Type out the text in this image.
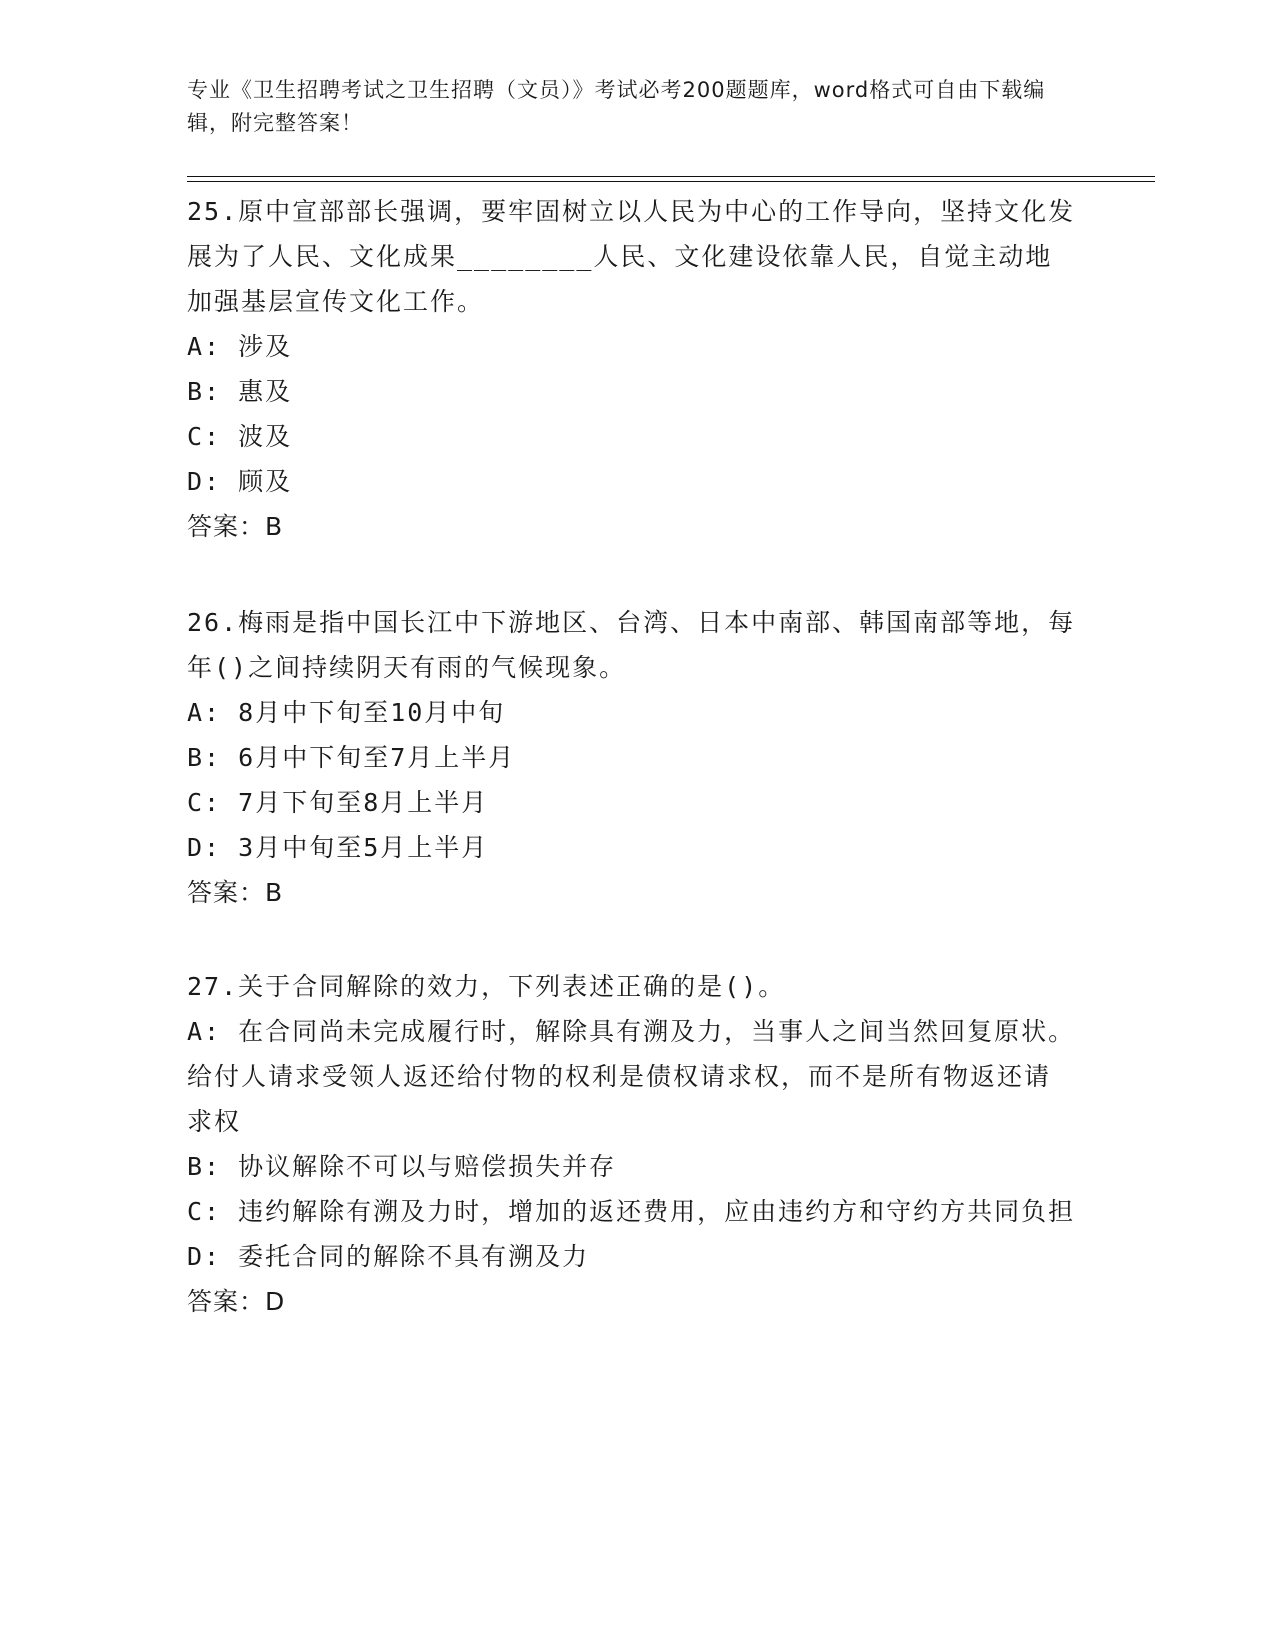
专业《卫生招聘考试之卫生招聘（文员）》考试必考200题题库，word格式可自由下载编辑，附完整答案！

25.原中宣部部长强调，要牢固树立以人民为中心的工作导向，坚持文化发展为了人民、文化成果________人民、文化建设依靠人民，自觉主动地加强基层宣传文化工作。

A: 涉及

B: 惠及

C: 波及

D: 顾及

答案：B

26.梅雨是指中国长江中下游地区、台湾、日本中南部、韩国南部等地，每年()之间持续阴天有雨的气候现象。

A: 8月中下旬至10月中旬

B: 6月中下旬至7月上半月

C: 7月下旬至8月上半月

D: 3月中旬至5月上半月

答案：B

27.关于合同解除的效力，下列表述正确的是()。

A: 在合同尚未完成履行时，解除具有溯及力，当事人之间当然回复原状。给付人请求受领人返还给付物的权利是债权请求权，而不是所有物返还请求权

B: 协议解除不可以与赔偿损失并存

C: 违约解除有溯及力时，增加的返还费用，应由违约方和守约方共同负担

D: 委托合同的解除不具有溯及力

答案：D
